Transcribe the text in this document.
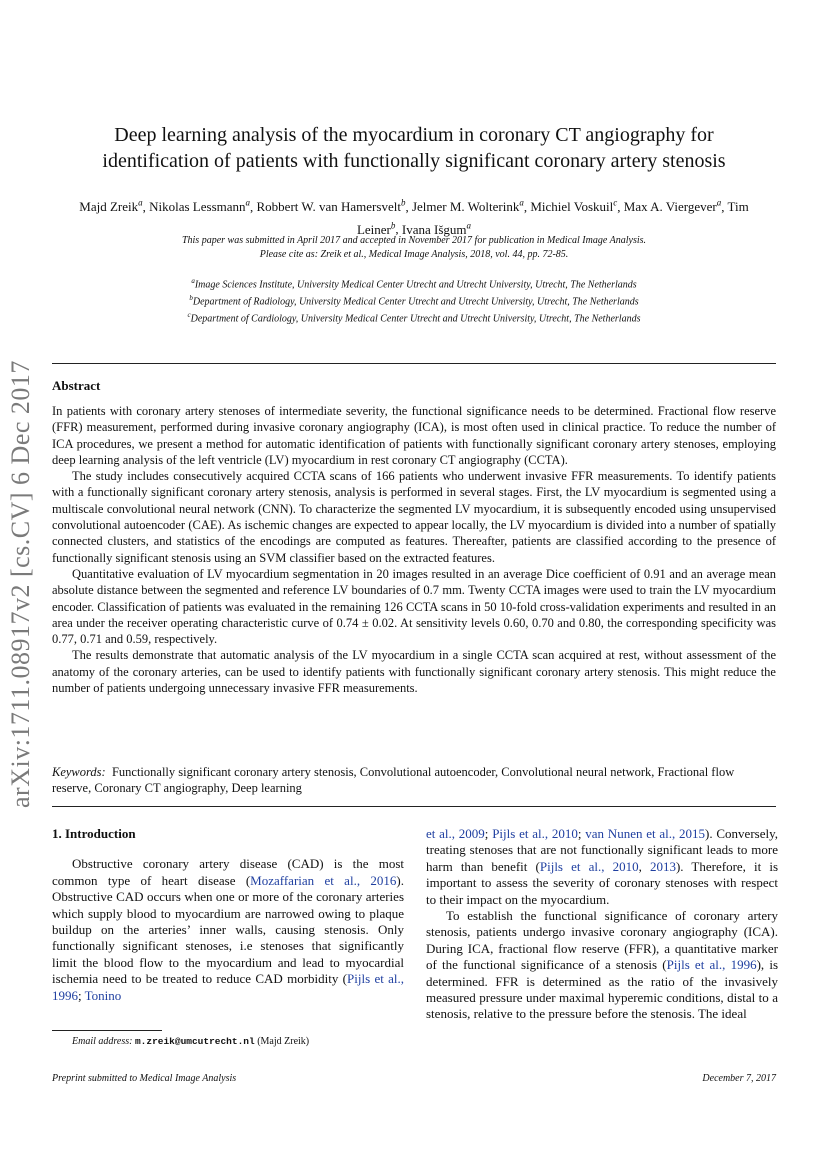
arXiv:1711.08917v2 [cs.CV] 6 Dec 2017
Deep learning analysis of the myocardium in coronary CT angiography for identification of patients with functionally significant coronary artery stenosis
Majd Zreik$^a$, Nikolas Lessmann$^a$, Robbert W. van Hamersvelt$^b$, Jelmer M. Wolterink$^a$, Michiel Voskuil$^c$, Max A. Viergever$^a$, Tim Leiner$^b$, Ivana Išgum$^a$
This paper was submitted in April 2017 and accepted in November 2017 for publication in Medical Image Analysis.
Please cite as: Zreik et al., Medical Image Analysis, 2018, vol. 44, pp. 72-85.
$^a$Image Sciences Institute, University Medical Center Utrecht and Utrecht University, Utrecht, The Netherlands
$^b$Department of Radiology, University Medical Center Utrecht and Utrecht University, Utrecht, The Netherlands
$^c$Department of Cardiology, University Medical Center Utrecht and Utrecht University, Utrecht, The Netherlands
Abstract

In patients with coronary artery stenoses of intermediate severity, the functional significance needs to be determined. Fractional flow reserve (FFR) measurement, performed during invasive coronary angiography (ICA), is most often used in clinical practice. To reduce the number of ICA procedures, we present a method for automatic identification of patients with functionally significant coronary artery stenoses, employing deep learning analysis of the left ventricle (LV) myocardium in rest coronary CT angiography (CCTA).

The study includes consecutively acquired CCTA scans of 166 patients who underwent invasive FFR measurements. To identify patients with a functionally significant coronary artery stenosis, analysis is performed in several stages. First, the LV myocardium is segmented using a multiscale convolutional neural network (CNN). To characterize the segmented LV myocardium, it is subsequently encoded using unsupervised convolutional autoencoder (CAE). As ischemic changes are expected to appear locally, the LV myocardium is divided into a number of spatially connected clusters, and statistics of the encodings are computed as features. Thereafter, patients are classified according to the presence of functionally significant stenosis using an SVM classifier based on the extracted features.

Quantitative evaluation of LV myocardium segmentation in 20 images resulted in an average Dice coefficient of 0.91 and an average mean absolute distance between the segmented and reference LV boundaries of 0.7 mm. Twenty CCTA images were used to train the LV myocardium encoder. Classification of patients was evaluated in the remaining 126 CCTA scans in 50 10-fold cross-validation experiments and resulted in an area under the receiver operating characteristic curve of 0.74 ± 0.02. At sensitivity levels 0.60, 0.70 and 0.80, the corresponding specificity was 0.77, 0.71 and 0.59, respectively.

The results demonstrate that automatic analysis of the LV myocardium in a single CCTA scan acquired at rest, without assessment of the anatomy of the coronary arteries, can be used to identify patients with functionally significant coronary artery stenosis. This might reduce the number of patients undergoing unnecessary invasive FFR measurements.

Keywords: Functionally significant coronary artery stenosis, Convolutional autoencoder, Convolutional neural network, Fractional flow reserve, Coronary CT angiography, Deep learning
1. Introduction

Obstructive coronary artery disease (CAD) is the most common type of heart disease (Mozaffarian et al., 2016). Obstructive CAD occurs when one or more of the coronary arteries which supply blood to myocardium are narrowed owing to plaque buildup on the arteries’ inner walls, causing stenosis. Only functionally significant stenoses, i.e stenoses that significantly limit the blood flow to the myocardium and lead to myocardial ischemia need to be treated to reduce CAD morbidity (Pijls et al., 1996; Tonino

et al., 2009; Pijls et al., 2010; van Nunen et al., 2015). Conversely, treating stenoses that are not functionally significant leads to more harm than benefit (Pijls et al., 2010, 2013). Therefore, it is important to assess the severity of coronary stenoses with respect to their impact on the myocardium.

To establish the functional significance of coronary artery stenosis, patients undergo invasive coronary angiography (ICA). During ICA, fractional flow reserve (FFR), a quantitative marker of the functional significance of a stenosis (Pijls et al., 1996), is determined. FFR is determined as the ratio of the invasively measured pressure under maximal hyperemic conditions, distal to a stenosis, relative to the pressure before the stenosis. The ideal

Email address: m.zreik@umcutrecht.nl (Majd Zreik)
Preprint submitted to Medical Image Analysis	December 7, 2017
